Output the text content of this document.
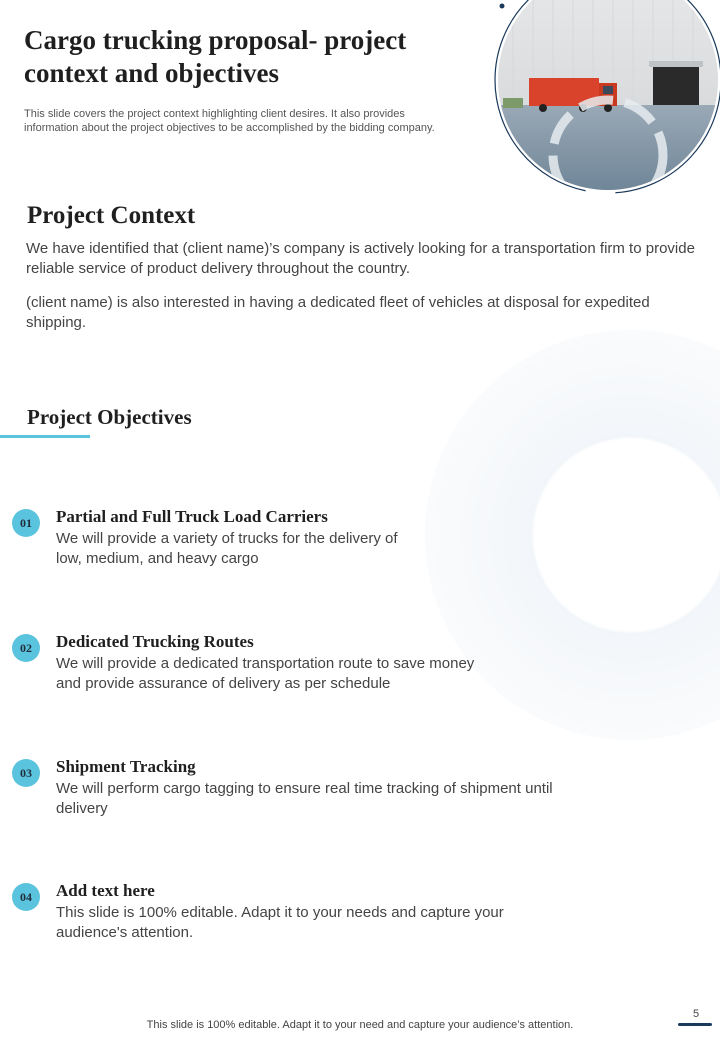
Cargo trucking proposal- project context and objectives
This slide covers the project context highlighting client desires. It also provides information about the project objectives to be accomplished by the bidding company.
Project Context

We have identified that (client name)’s company is actively looking for a transportation firm to provide reliable service of product delivery throughout the country.

(client name) is also interested in having a dedicated fleet of vehicles at disposal for expedited shipping.

Project Objectives
01	Partial and Full Truck Load Carriers
We will provide a variety of trucks for the delivery of low, medium, and heavy cargo
02	Dedicated Trucking Routes
We will provide a dedicated transportation route to save money and provide assurance of delivery as per schedule
03	Shipment Tracking
We will perform cargo tagging to ensure real time tracking of shipment until delivery
04	Add text here
This slide is 100% editable. Adapt it to your needs and capture your audience's attention.
This slide is 100% editable. Adapt it to your need and capture your audience’s attention.
5
